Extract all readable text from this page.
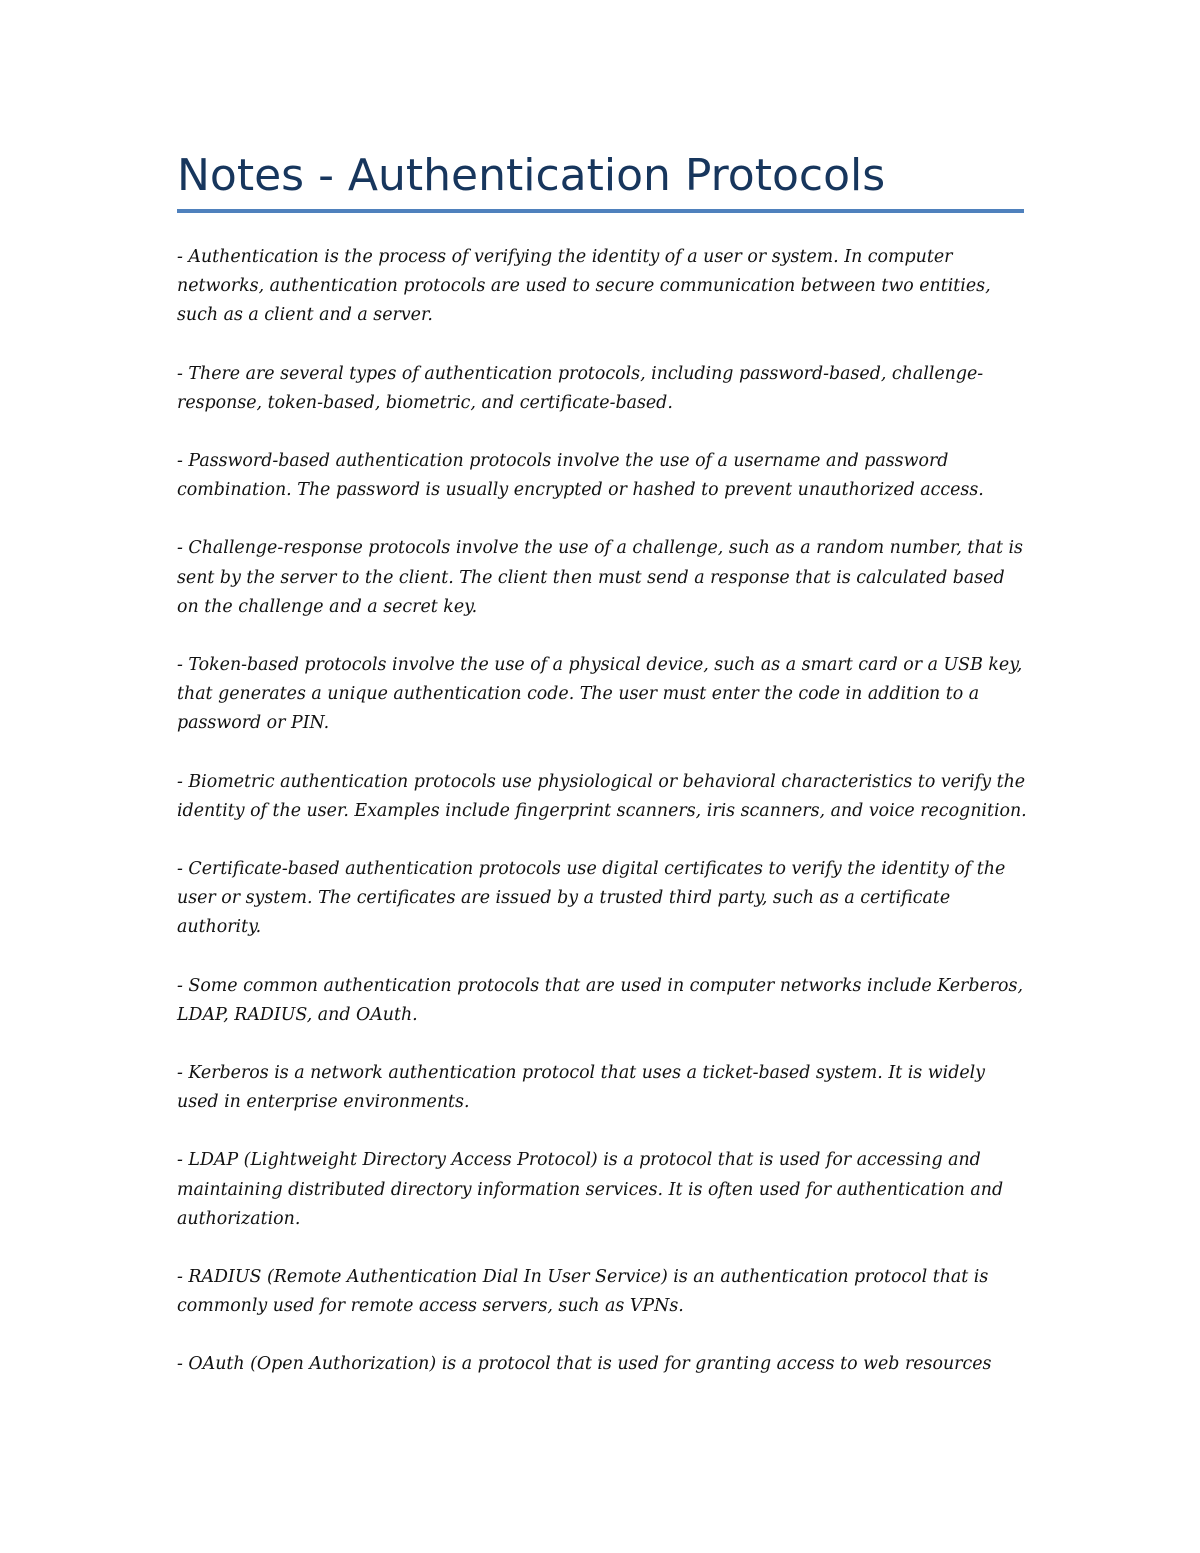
Notes - Authentication Protocols

- Authentication is the process of verifying the identity of a user or system. In computer networks, authentication protocols are used to secure communication between two entities, such as a client and a server.

- There are several types of authentication protocols, including password-based, challenge-response, token-based, biometric, and certificate-based.

- Password-based authentication protocols involve the use of a username and password combination. The password is usually encrypted or hashed to prevent unauthorized access.

- Challenge-response protocols involve the use of a challenge, such as a random number, that is sent by the server to the client. The client then must send a response that is calculated based on the challenge and a secret key.

- Token-based protocols involve the use of a physical device, such as a smart card or a USB key, that generates a unique authentication code. The user must enter the code in addition to a password or PIN.

- Biometric authentication protocols use physiological or behavioral characteristics to verify the identity of the user. Examples include fingerprint scanners, iris scanners, and voice recognition.

- Certificate-based authentication protocols use digital certificates to verify the identity of the user or system. The certificates are issued by a trusted third party, such as a certificate authority.

- Some common authentication protocols that are used in computer networks include Kerberos, LDAP, RADIUS, and OAuth.

- Kerberos is a network authentication protocol that uses a ticket-based system. It is widely used in enterprise environments.

- LDAP (Lightweight Directory Access Protocol) is a protocol that is used for accessing and maintaining distributed directory information services. It is often used for authentication and authorization.

- RADIUS (Remote Authentication Dial In User Service) is an authentication protocol that is commonly used for remote access servers, such as VPNs.

- OAuth (Open Authorization) is a protocol that is used for granting access to web resources
